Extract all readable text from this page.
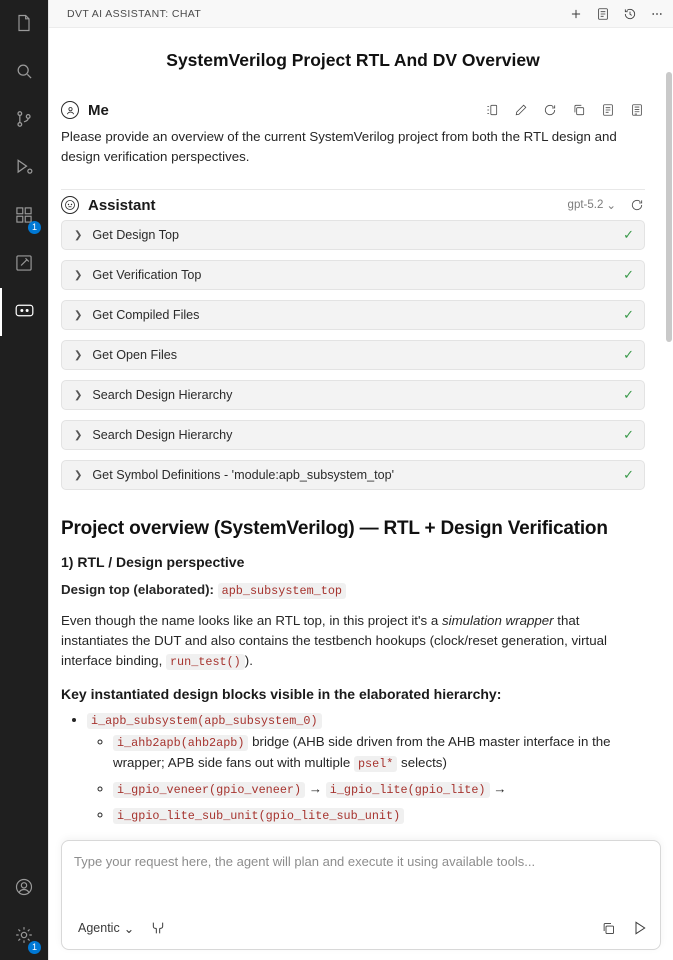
1
1
DVT AI ASSISTANT: CHAT
SystemVerilog Project RTL And DV Overview
Me
Please provide an overview of the current SystemVerilog project from both the RTL design and design verification perspectives.
Assistant	gpt-5.2 ⌄
❯ Get Design Top	✓
❯ Get Verification Top	✓
❯ Get Compiled Files	✓
❯ Get Open Files	✓
❯ Search Design Hierarchy	✓
❯ Search Design Hierarchy	✓
❯ Get Symbol Definitions - 'module:apb_subsystem_top'	✓
Project overview (SystemVerilog) — RTL + Design Verification
1) RTL / Design perspective
Design top (elaborated): apb_subsystem_top
Even though the name looks like an RTL top, in this project it's a simulation wrapper that instantiates the DUT and also contains the testbench hookups (clock/reset generation, virtual interface binding, run_test() ).
Key instantiated design blocks visible in the elaborated hierarchy:
• i_apb_subsystem(apb_subsystem_0)
◦ i_ahb2apb(ahb2apb) bridge (AHB side driven from the AHB master interface in the wrapper; APB side fans out with multiple psel* selects)
◦ i_gpio_veneer(gpio_veneer) → i_gpio_lite(gpio_lite) →
◦ i_gpio_lite_sub_unit(gpio_lite_sub_unit)
Type your request here, the agent will plan and execute it using available tools...
Agentic ⌄
